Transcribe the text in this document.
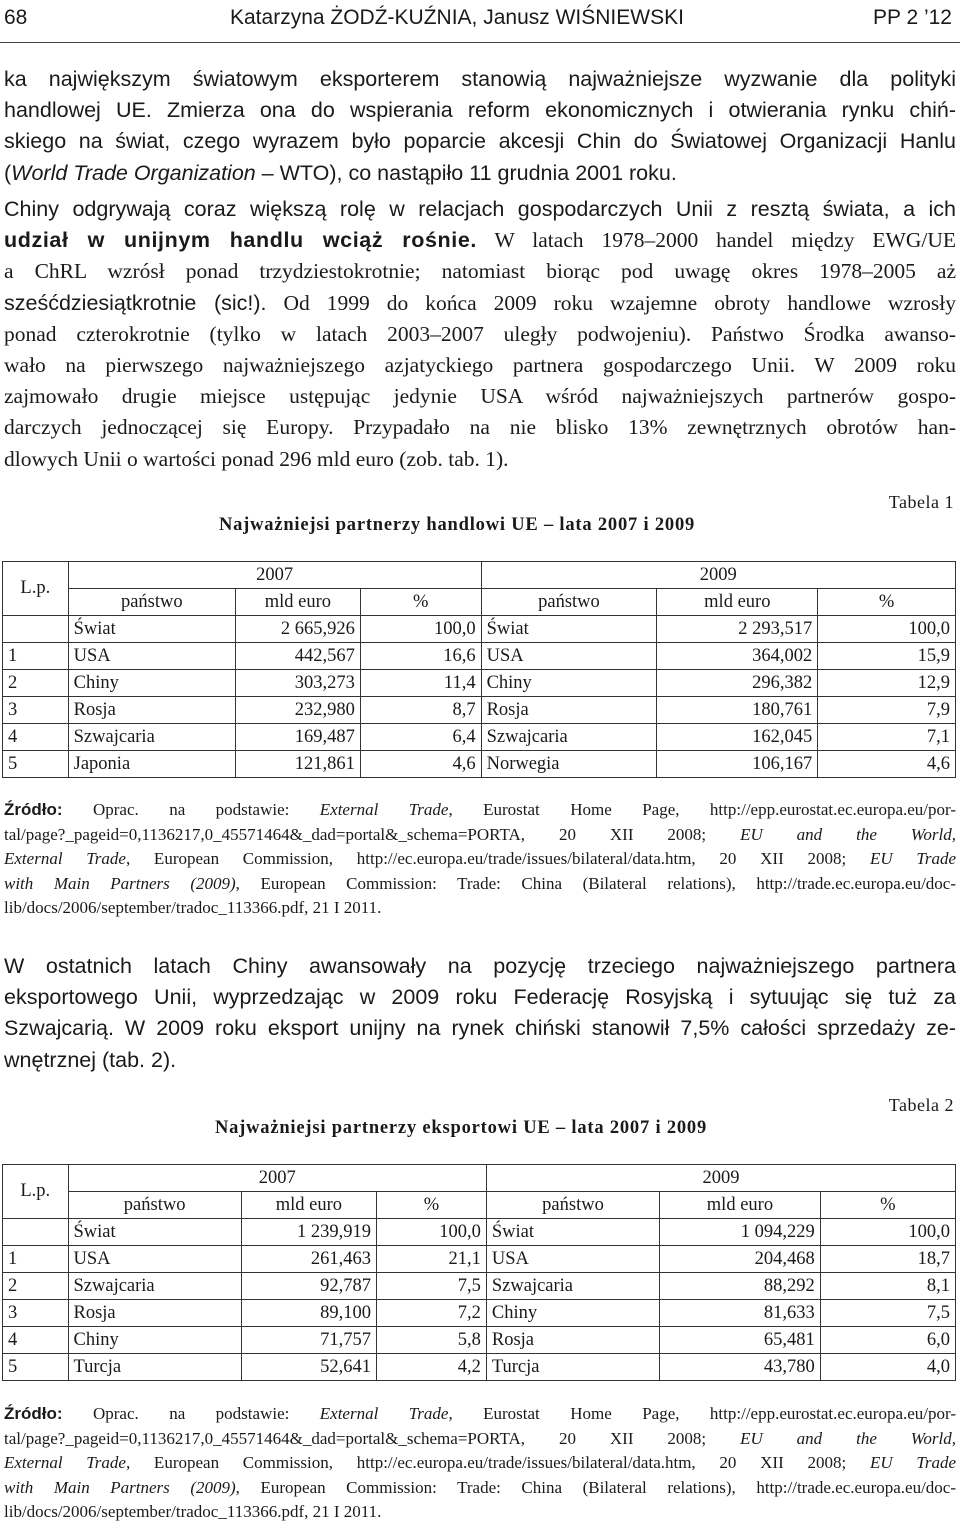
68	Katarzyna ŻODŹ-KUŹNIA, Janusz WIŚNIEWSKI	PP 2 ’12

ka największym światowym eksporterem stanowią najważniejsze wyzwanie dla polityki
handlowej UE. Zmierza ona do wspierania reform ekonomicznych i otwierania rynku chiń-
skiego na świat, czego wyrazem było poparcie akcesji Chin do Światowej Organizacji Hanlu
(World Trade Organization – WTO), co nastąpiło 11 grudnia 2001 roku.

Chiny odgrywają coraz większą rolę w relacjach gospodarczych Unii z resztą świata, a ich
udział w unijnym handlu wciąż rośnie. W latach 1978–2000 handel między EWG/UE
a ChRL wzrósł ponad trzydziestokrotnie; natomiast biorąc pod uwagę okres 1978–2005 aż
sześćdziesiątkrotnie (sic!). Od 1999 do końca 2009 roku wzajemne obroty handlowe wzrosły
ponad czterokrotnie (tylko w latach 2003–2007 uległy podwojeniu). Państwo Środka awanso-
wało na pierwszego najważniejszego azjatyckiego partnera gospodarczego Unii. W 2009 roku
zajmowało drugie miejsce ustępując jedynie USA wśród najważniejszych partnerów gospo-
darczych jednoczącej się Europy. Przypadało na nie blisko 13% zewnętrznych obrotów han-
dlowych Unii o wartości ponad 296 mld euro (zob. tab. 1).

Tabela 1
Najważniejsi partnerzy handlowi UE – lata 2007 i 2009
L.p.	2007			2009		
	państwo	mld euro	%	państwo	mld euro	%
	Świat	2 665,926	100,0	Świat	2 293,517	100,0
1	USA	442,567	16,6	USA	364,002	15,9
2	Chiny	303,273	11,4	Chiny	296,382	12,9
3	Rosja	232,980	8,7	Rosja	180,761	7,9
4	Szwajcaria	169,487	6,4	Szwajcaria	162,045	7,1
5	Japonia	121,861	4,6	Norwegia	106,167	4,6

Źródło: Oprac. na podstawie: External Trade, Eurostat Home Page, http://epp.eurostat.ec.europa.eu/por-
tal/page?_pageid=0,1136217,0_45571464&_dad=portal&_schema=PORTA, 20 XII 2008; EU and the World,
External Trade, European Commission, http://ec.europa.eu/trade/issues/bilateral/data.htm, 20 XII 2008; EU Trade
with Main Partners (2009), European Commission: Trade: China (Bilateral relations), http://trade.ec.europa.eu/doc-
lib/docs/2006/september/tradoc_113366.pdf, 21 I 2011.

W ostatnich latach Chiny awansowały na pozycję trzeciego najważniejszego partnera
eksportowego Unii, wyprzedzając w 2009 roku Federację Rosyjską i sytuując się tuż za
Szwajcarią. W 2009 roku eksport unijny na rynek chiński stanowił 7,5% całości sprzedaży ze-
wnętrznej (tab. 2).

Tabela 2
Najważniejsi partnerzy eksportowi UE – lata 2007 i 2009
L.p.	2007			2009		
	państwo	mld euro	%	państwo	mld euro	%
	Świat	1 239,919	100,0	Świat	1 094,229	100,0
1	USA	261,463	21,1	USA	204,468	18,7
2	Szwajcaria	92,787	7,5	Szwajcaria	88,292	8,1
3	Rosja	89,100	7,2	Chiny	81,633	7,5
4	Chiny	71,757	5,8	Rosja	65,481	6,0
5	Turcja	52,641	4,2	Turcja	43,780	4,0

Źródło: Oprac. na podstawie: External Trade, Eurostat Home Page, http://epp.eurostat.ec.europa.eu/por-
tal/page?_pageid=0,1136217,0_45571464&_dad=portal&_schema=PORTA, 20 XII 2008; EU and the World,
External Trade, European Commission, http://ec.europa.eu/trade/issues/bilateral/data.htm, 20 XII 2008; EU Trade
with Main Partners (2009), European Commission: Trade: China (Bilateral relations), http://trade.ec.europa.eu/doc-
lib/docs/2006/september/tradoc_113366.pdf, 21 I 2011.
